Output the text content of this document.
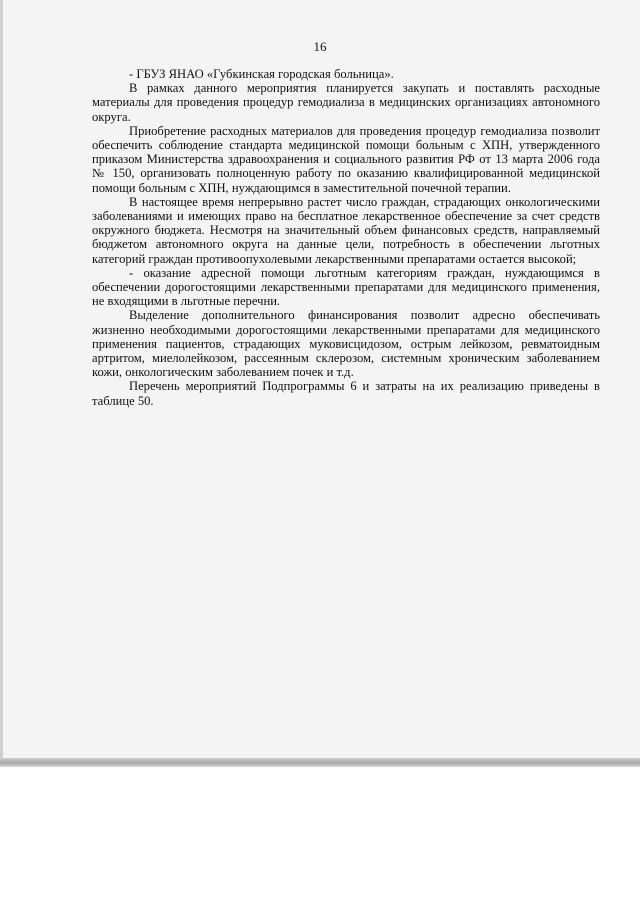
16

- ГБУЗ ЯНАО «Губкинская городская больница».

В рамках данного мероприятия планируется закупать и поставлять расходные материалы для проведения процедур гемодиализа в медицинских организациях автономного округа.

Приобретение расходных материалов для проведения процедур гемодиализа позволит обеспечить соблюдение стандарта медицинской помощи больным с ХПН, утвержденного приказом Министерства здравоохранения и социального развития РФ от 13 марта 2006 года № 150, организовать полноценную работу по оказанию квалифицированной медицинской помощи больным с ХПН, нуждающимся в заместительной почечной терапии.

В настоящее время непрерывно растет число граждан, страдающих онкологическими заболеваниями и имеющих право на бесплатное лекарственное обеспечение за счет средств окружного бюджета. Несмотря на значительный объем финансовых средств, направляемый бюджетом автономного округа на данные цели, потребность в обеспечении льготных категорий граждан противоопухолевыми лекарственными препаратами остается высокой;

- оказание адресной помощи льготным категориям граждан, нуждающимся в обеспечении дорогостоящими лекарственными препаратами для медицинского применения, не входящими в льготные перечни.

Выделение дополнительного финансирования позволит адресно обеспечивать жизненно необходимыми дорогостоящими лекарственными препаратами для медицинского применения пациентов, страдающих муковисцидозом, острым лейкозом, ревматоидным артритом, миелолейкозом, рассеянным склерозом, системным хроническим заболеванием кожи, онкологическим заболеванием почек и т.д.

Перечень мероприятий Подпрограммы 6 и затраты на их реализацию приведены в таблице 50.
